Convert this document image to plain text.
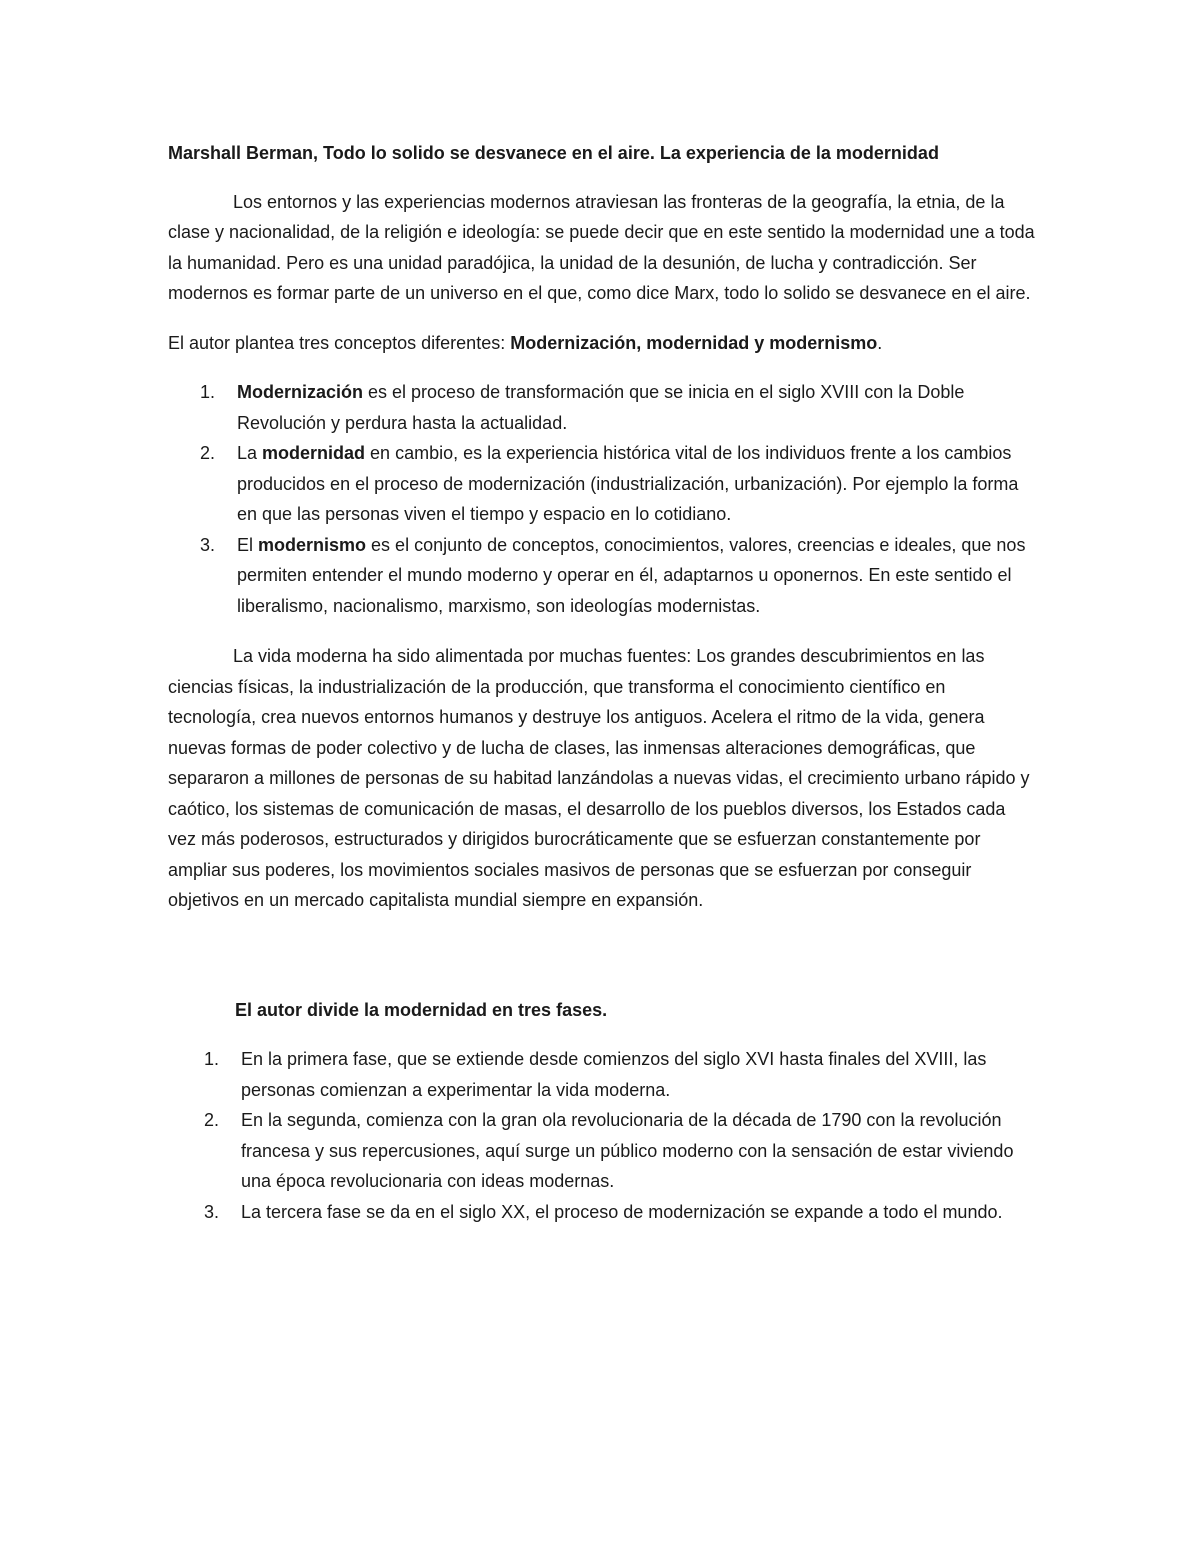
Marshall Berman, Todo lo solido se desvanece en el aire. La experiencia de la modernidad

Los entornos y las experiencias modernos atraviesan las fronteras de la geografía, la etnia, de la clase y nacionalidad, de la religión e ideología: se puede decir que en este sentido la modernidad une a toda la humanidad. Pero es una unidad paradójica, la unidad de la desunión, de lucha y contradicción. Ser modernos es formar parte de un universo en el que, como dice Marx, todo lo solido se desvanece en el aire.

El autor plantea tres conceptos diferentes: Modernización, modernidad y modernismo.

1. Modernización es el proceso de transformación que se inicia en el siglo XVIII con la Doble Revolución y perdura hasta la actualidad.
2. La modernidad en cambio, es la experiencia histórica vital de los individuos frente a los cambios producidos en el proceso de modernización (industrialización, urbanización). Por ejemplo la forma en que las personas viven el tiempo y espacio en lo cotidiano.
3. El modernismo es el conjunto de conceptos, conocimientos, valores, creencias e ideales, que nos permiten entender el mundo moderno y operar en él, adaptarnos u oponernos. En este sentido el liberalismo, nacionalismo, marxismo, son ideologías modernistas.

La vida moderna ha sido alimentada por muchas fuentes: Los grandes descubrimientos en las ciencias físicas, la industrialización de la producción, que transforma el conocimiento científico en tecnología, crea nuevos entornos humanos y destruye los antiguos. Acelera el ritmo de la vida, genera nuevas formas de poder colectivo y de lucha de clases, las inmensas alteraciones demográficas, que separaron a millones de personas de su habitad lanzándolas a nuevas vidas, el crecimiento urbano rápido y caótico, los sistemas de comunicación de masas, el desarrollo de los pueblos diversos, los Estados cada vez más poderosos, estructurados y dirigidos burocráticamente que se esfuerzan constantemente por ampliar sus poderes, los movimientos sociales masivos de personas que se esfuerzan por conseguir objetivos en un mercado capitalista mundial siempre en expansión.

El autor divide la modernidad en tres fases.

1. En la primera fase, que se extiende desde comienzos del siglo XVI hasta finales del XVIII, las personas comienzan a experimentar la vida moderna.
2. En la segunda, comienza con la gran ola revolucionaria de la década de 1790 con la revolución francesa y sus repercusiones, aquí surge un público moderno con la sensación de estar viviendo una época revolucionaria con ideas modernas.
3. La tercera fase se da en el siglo XX, el proceso de modernización se expande a todo el mundo.
